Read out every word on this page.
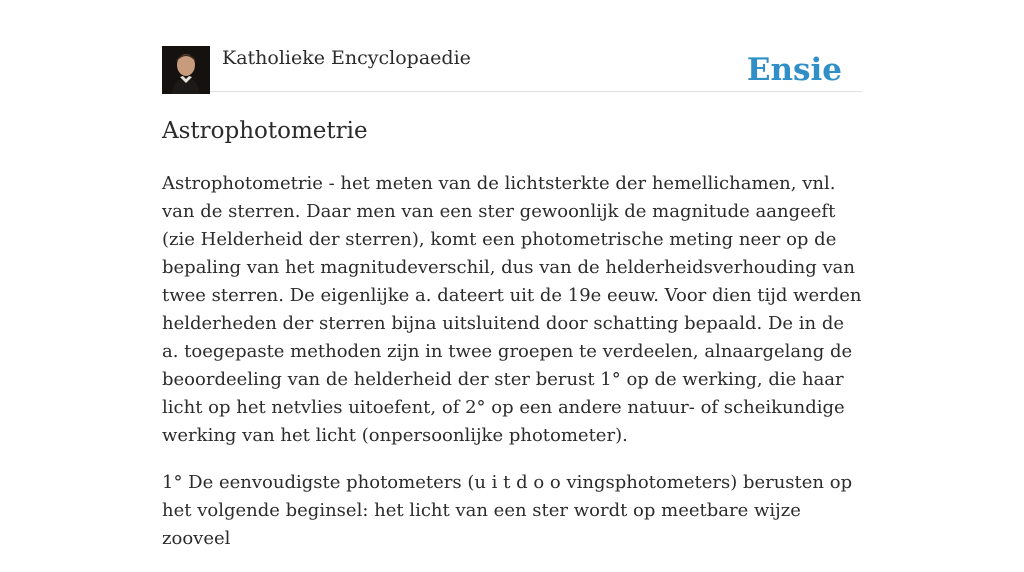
Katholieke Encyclopaedie	Ensie
Astrophotometrie

Astrophotometrie - het meten van de lichtsterkte der hemellichamen, vnl. van de sterren. Daar men van een ster gewoonlijk de magnitude aangeeft (zie Helderheid der sterren), komt een photometrische meting neer op de bepaling van het magnitudeverschil, dus van de helderheidsverhouding van twee sterren. De eigenlijke a. dateert uit de 19e eeuw. Voor dien tijd werden helderheden der sterren bijna uitsluitend door schatting bepaald. De in de a. toegepaste methoden zijn in twee groepen te verdeelen, alnaargelang de beoordeeling van de helderheid der ster berust 1° op de werking, die haar licht op het netvlies uitoefent, of 2° op een andere natuur- of scheikundige werking van het licht (onpersoonlijke photometer).

1° De eenvoudigste photometers (u i t d o o vingsphotometers) berusten op het volgende beginsel: het licht van een ster wordt op meetbare wijze zooveel
